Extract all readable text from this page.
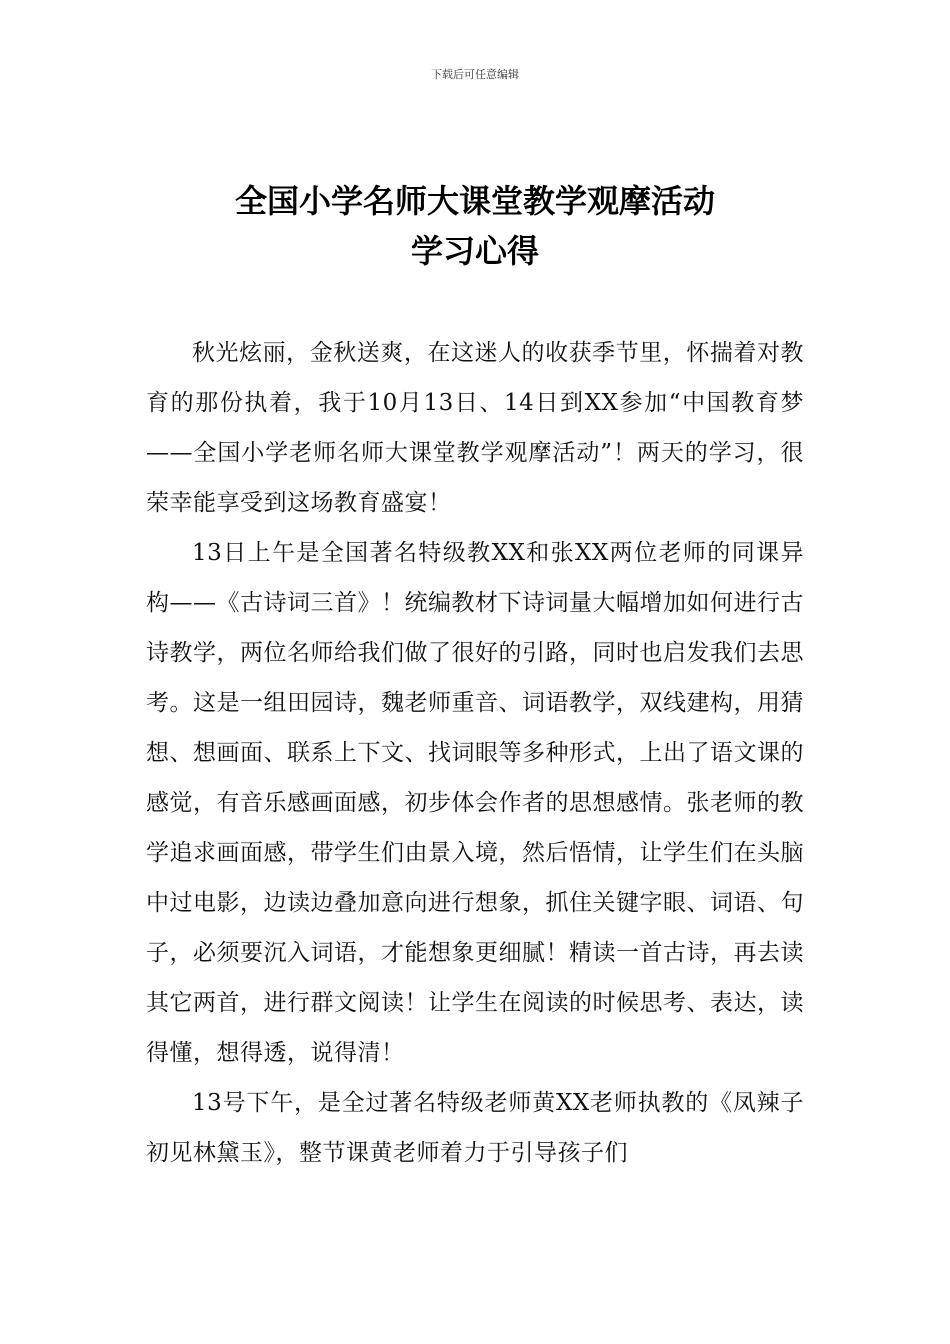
下载后可任意编辑
全国小学名师大课堂教学观摩活动
学习心得

秋光炫丽，金秋送爽，在这迷人的收获季节里，怀揣着对教育的那份执着，我于10月13日、14日到XX参加“中国教育梦——全国小学老师名师大课堂教学观摩活动”！两天的学习，很荣幸能享受到这场教育盛宴！

13日上午是全国著名特级教XX和张XX两位老师的同课异构——《古诗词三首》！统编教材下诗词量大幅增加如何进行古诗教学，两位名师给我们做了很好的引路，同时也启发我们去思考。这是一组田园诗，魏老师重音、词语教学，双线建构，用猜想、想画面、联系上下文、找词眼等多种形式，上出了语文课的感觉，有音乐感画面感，初步体会作者的思想感情。张老师的教学追求画面感，带学生们由景入境，然后悟情，让学生们在头脑中过电影，边读边叠加意向进行想象，抓住关键字眼、词语、句子，必须要沉入词语，才能想象更细腻！精读一首古诗，再去读其它两首，进行群文阅读！让学生在阅读的时候思考、表达，读得懂，想得透，说得清！

13号下午，是全过著名特级老师黄XX老师执教的《凤辣子初见林黛玉》，整节课黄老师着力于引导孩子们
